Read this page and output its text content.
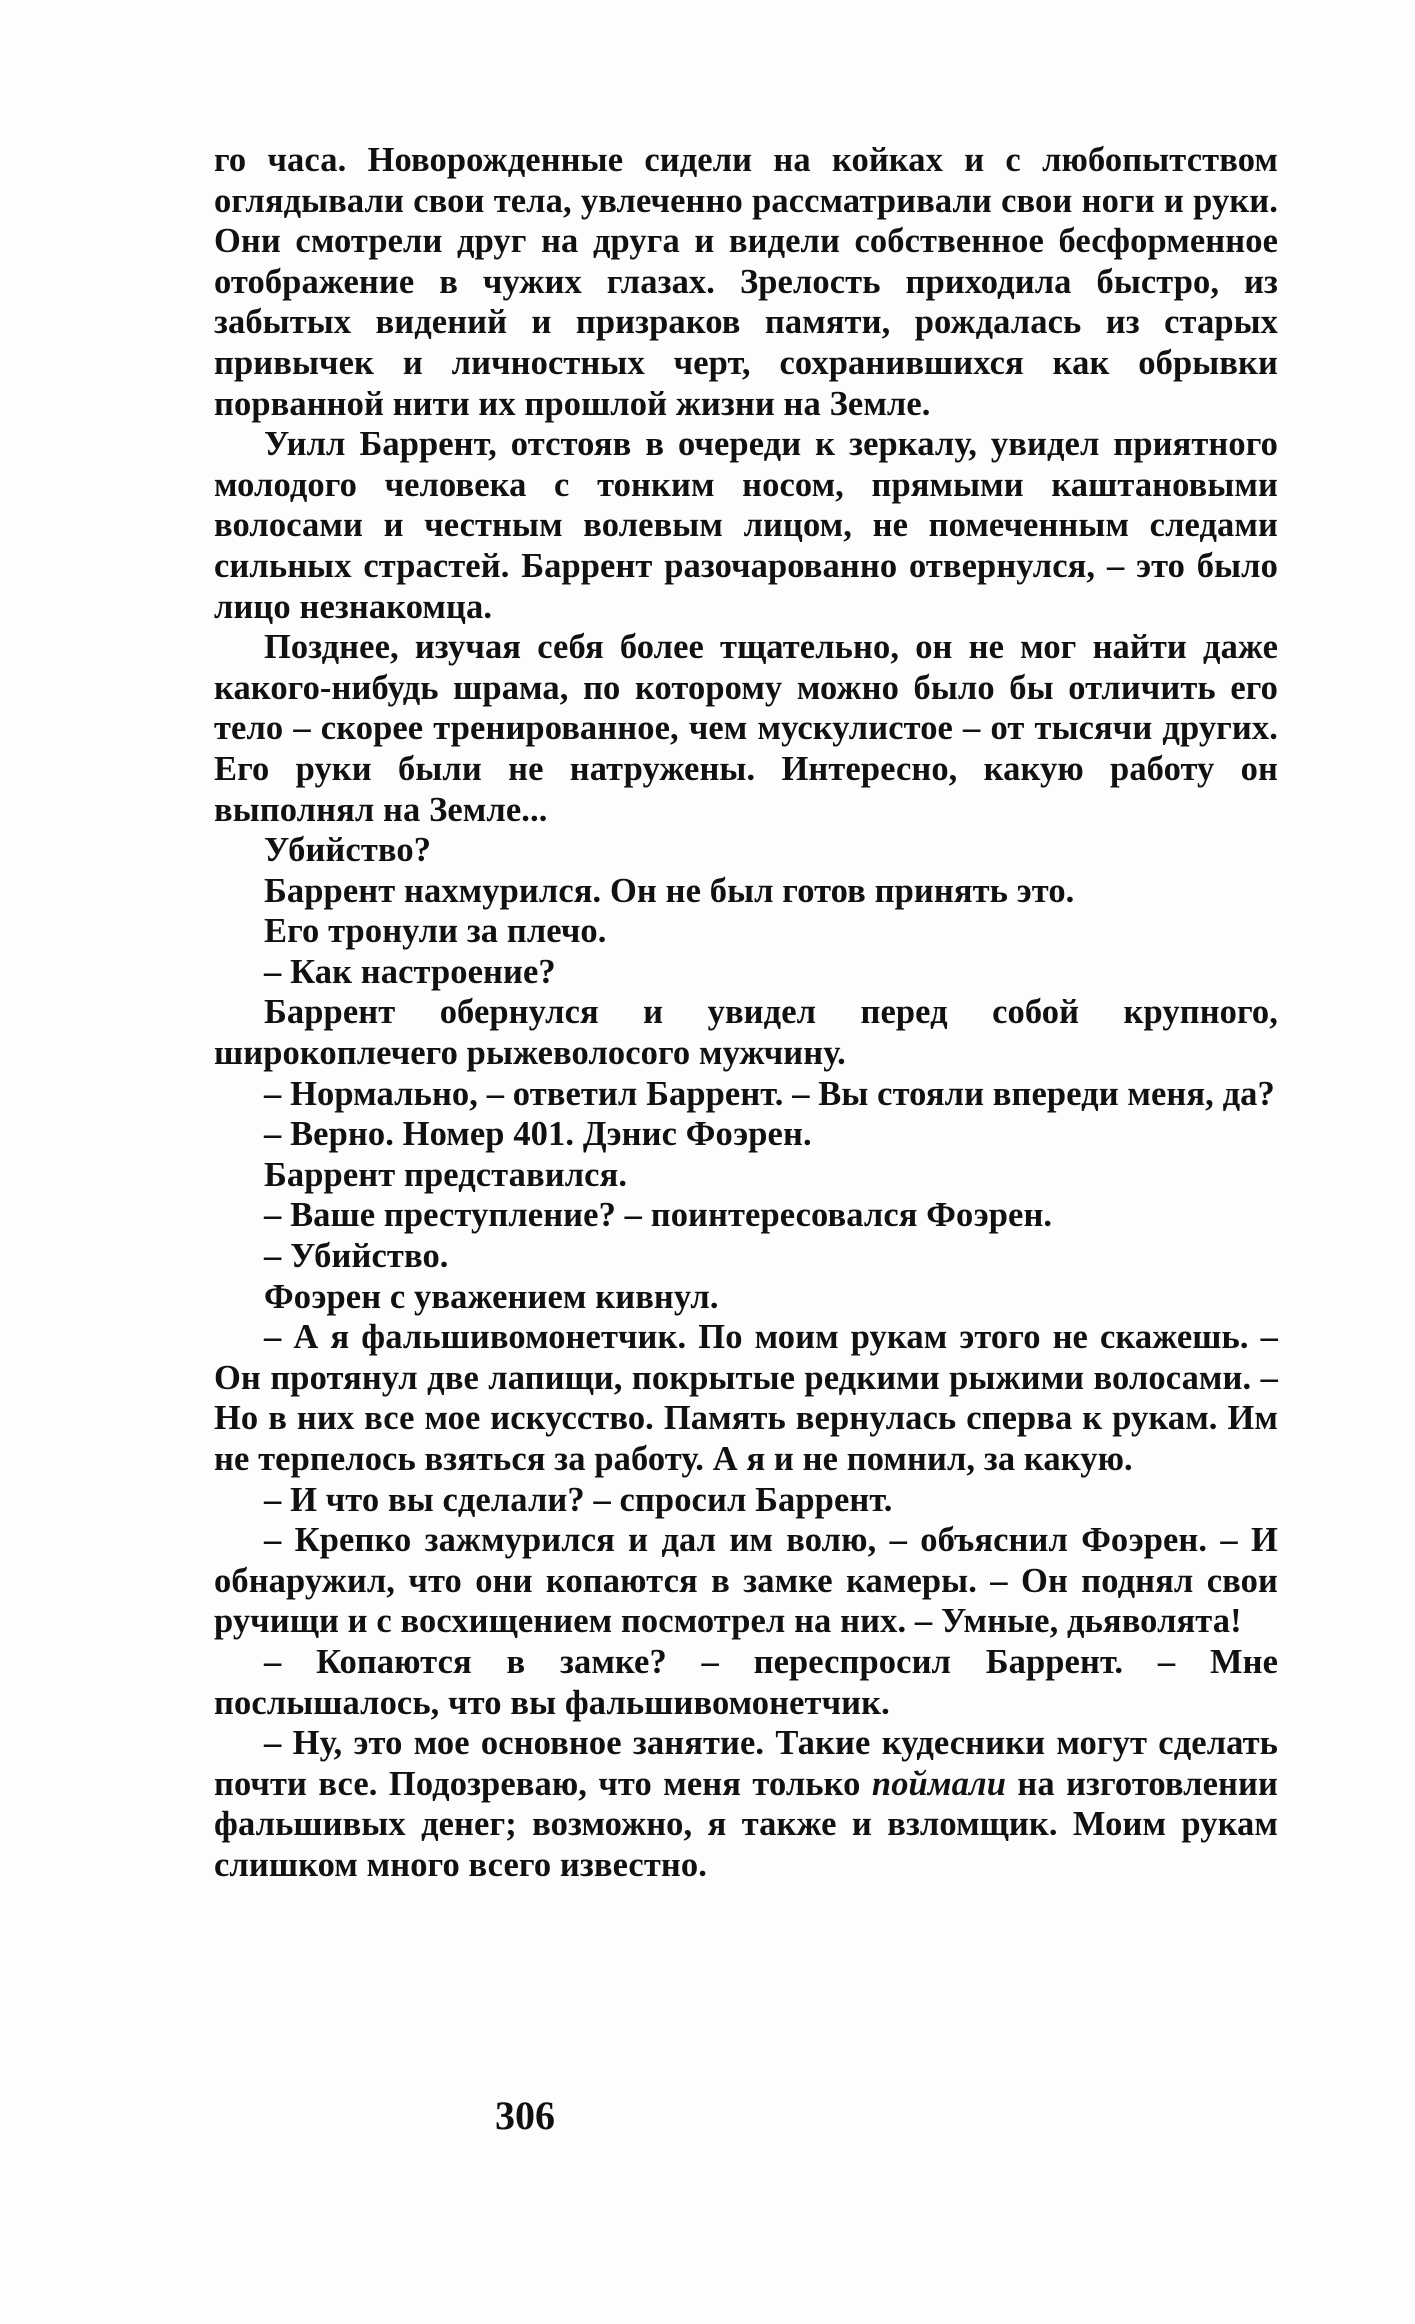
го часа. Новорожденные сидели на койках и с любопытством оглядывали свои тела, увлеченно рассматривали свои ноги и руки. Они смотрели друг на друга и видели собственное бесформенное отображение в чужих глазах. Зрелость приходила быстро, из забытых видений и призраков памяти, рождалась из старых привычек и личностных черт, сохранившихся как обрывки порванной нити их прошлой жизни на Земле.

Уилл Баррент, отстояв в очереди к зеркалу, увидел приятного молодого человека с тонким носом, прямыми каштановыми волосами и честным волевым лицом, не помеченным следами сильных страстей. Баррент разочарованно отвернулся, – это было лицо незнакомца.

Позднее, изучая себя более тщательно, он не мог найти даже какого-нибудь шрама, по которому можно было бы отличить его тело – скорее тренированное, чем мускулистое – от тысячи других. Его руки были не натружены. Интересно, какую работу он выполнял на Земле...

Убийство?

Баррент нахмурился. Он не был готов принять это.

Его тронули за плечо.

– Как настроение?

Баррент обернулся и увидел перед собой крупного, широкоплечего рыжеволосого мужчину.

– Нормально, – ответил Баррент. – Вы стояли впереди меня, да?

– Верно. Номер 401. Дэнис Фоэрен.

Баррент представился.

– Ваше преступление? – поинтересовался Фоэрен.

– Убийство.

Фоэрен с уважением кивнул.

– А я фальшивомонетчик. По моим рукам этого не скажешь. – Он протянул две лапищи, покрытые редкими рыжими волосами. – Но в них все мое искусство. Память вернулась сперва к рукам. Им не терпелось взяться за работу. А я и не помнил, за какую.

– И что вы сделали? – спросил Баррент.

– Крепко зажмурился и дал им волю, – объяснил Фоэрен. – И обнаружил, что они копаются в замке камеры. – Он поднял свои ручищи и с восхищением посмотрел на них. – Умные, дьяволята!

– Копаются в замке? – переспросил Баррент. – Мне послышалось, что вы фальшивомонетчик.

– Ну, это мое основное занятие. Такие кудесники могут сделать почти все. Подозреваю, что меня только поймали на изготовлении фальшивых денег; возможно, я также и взломщик. Моим рукам слишком много всего известно.

306
